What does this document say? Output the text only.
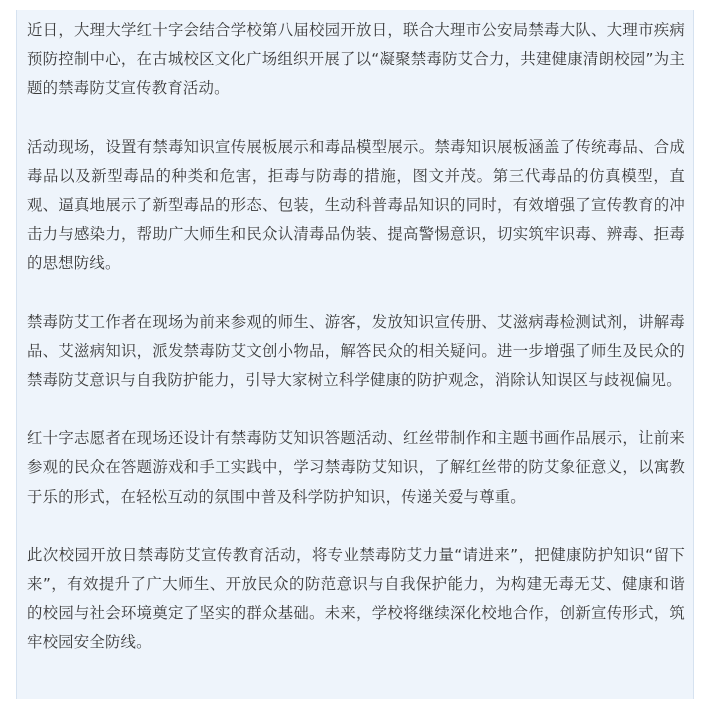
近日，大理大学红十字会结合学校第八届校园开放日，联合大理市公安局禁毒大队、大理市疾病预防控制中心，在古城校区文化广场组织开展了以“凝聚禁毒防艾合力，共建健康清朗校园”为主题的禁毒防艾宣传教育活动。

活动现场，设置有禁毒知识宣传展板展示和毒品模型展示。禁毒知识展板涵盖了传统毒品、合成毒品以及新型毒品的种类和危害，拒毒与防毒的措施，图文并茂。第三代毒品的仿真模型，直观、逼真地展示了新型毒品的形态、包装，生动科普毒品知识的同时，有效增强了宣传教育的冲击力与感染力，帮助广大师生和民众认清毒品伪装、提高警惕意识，切实筑牢识毒、辨毒、拒毒的思想防线。

禁毒防艾工作者在现场为前来参观的师生、游客，发放知识宣传册、艾滋病毒检测试剂，讲解毒品、艾滋病知识，派发禁毒防艾文创小物品，解答民众的相关疑问。进一步增强了师生及民众的禁毒防艾意识与自我防护能力，引导大家树立科学健康的防护观念，消除认知误区与歧视偏见。

红十字志愿者在现场还设计有禁毒防艾知识答题活动、红丝带制作和主题书画作品展示，让前来参观的民众在答题游戏和手工实践中，学习禁毒防艾知识，了解红丝带的防艾象征意义，以寓教于乐的形式，在轻松互动的氛围中普及科学防护知识，传递关爱与尊重。

此次校园开放日禁毒防艾宣传教育活动，将专业禁毒防艾力量“请进来”，把健康防护知识“留下来”，有效提升了广大师生、开放民众的防范意识与自我保护能力，为构建无毒无艾、健康和谐的校园与社会环境奠定了坚实的群众基础。未来，学校将继续深化校地合作，创新宣传形式，筑牢校园安全防线。
